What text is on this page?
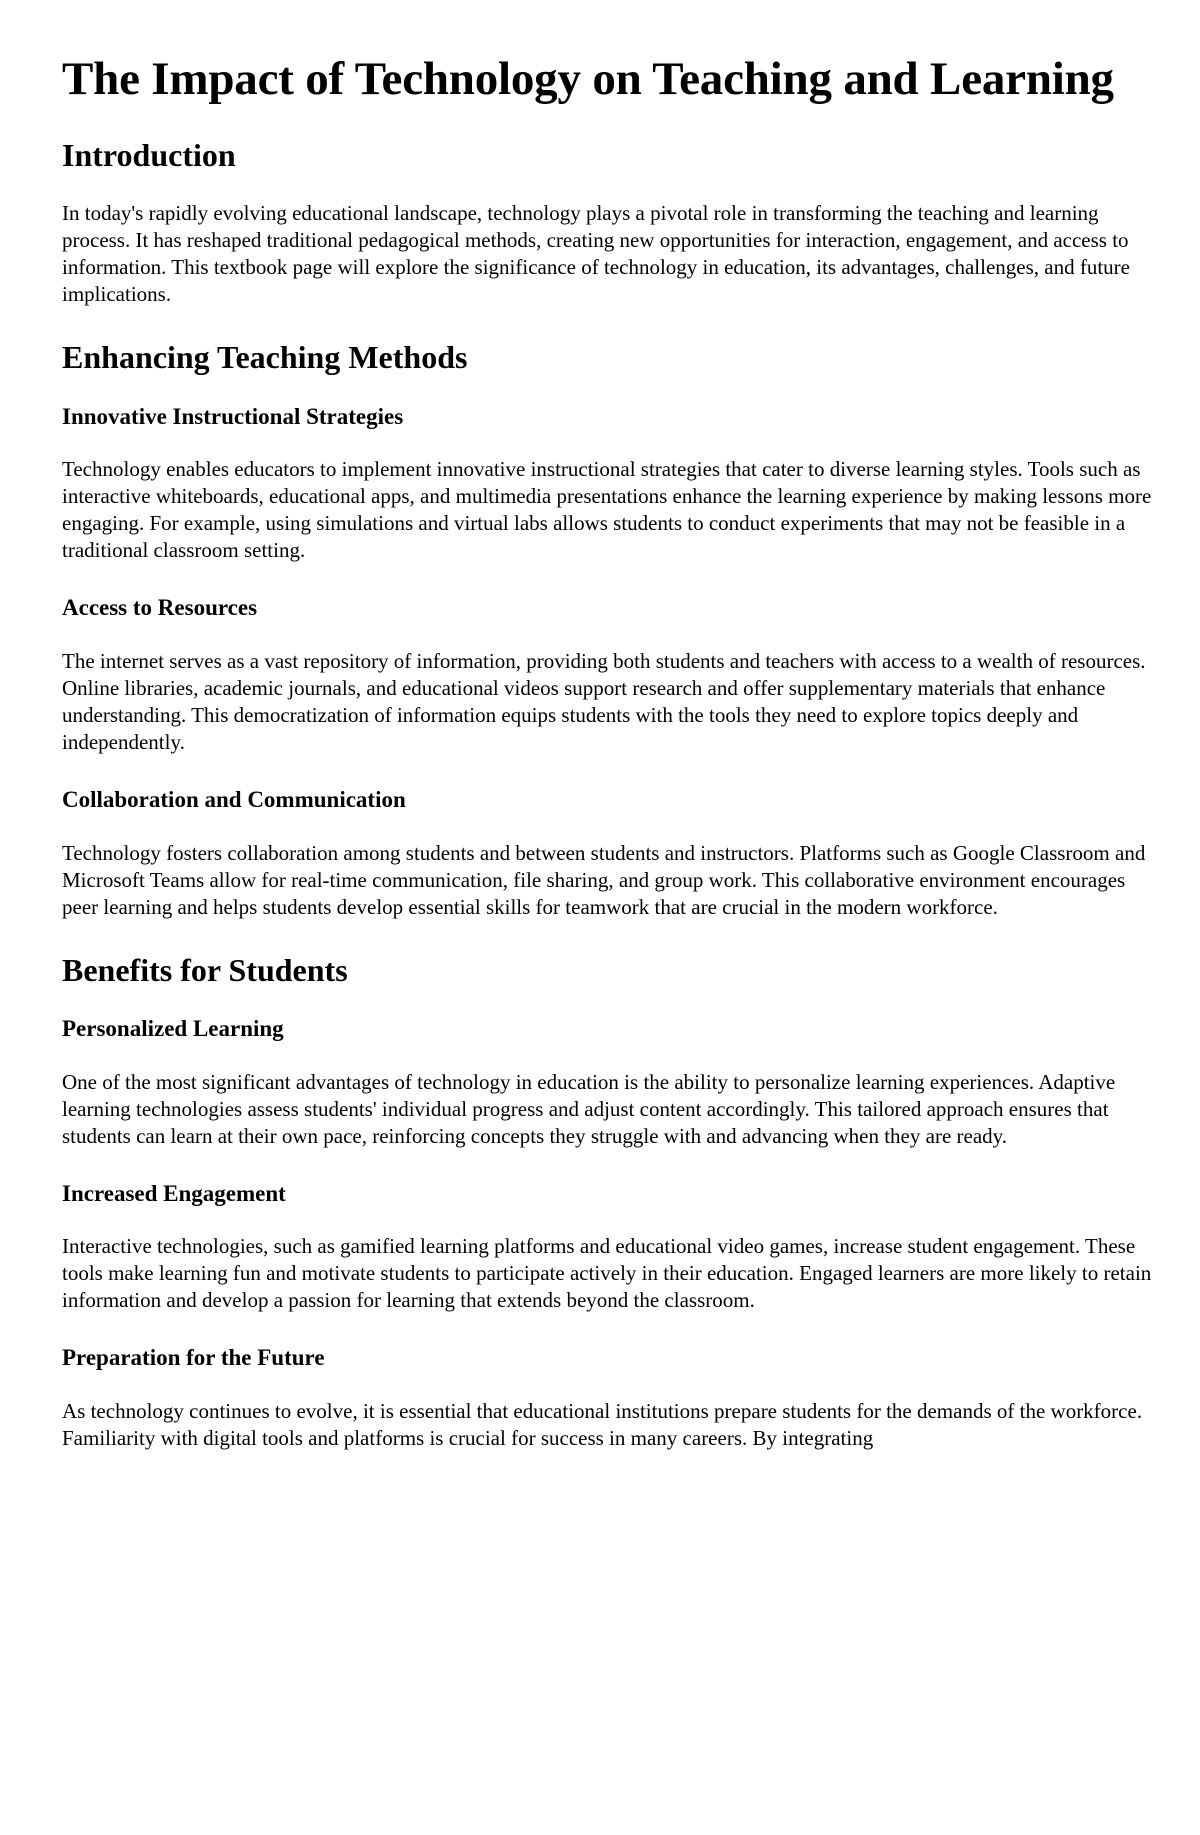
The Impact of Technology on Teaching and Learning
Introduction

In today's rapidly evolving educational landscape, technology plays a pivotal role in transforming the teaching and learning process. It has reshaped traditional pedagogical methods, creating new opportunities for interaction, engagement, and access to information. This textbook page will explore the significance of technology in education, its advantages, challenges, and future implications.

Enhancing Teaching Methods
Innovative Instructional Strategies

Technology enables educators to implement innovative instructional strategies that cater to diverse learning styles. Tools such as interactive whiteboards, educational apps, and multimedia presentations enhance the learning experience by making lessons more engaging. For example, using simulations and virtual labs allows students to conduct experiments that may not be feasible in a traditional classroom setting.

Access to Resources

The internet serves as a vast repository of information, providing both students and teachers with access to a wealth of resources. Online libraries, academic journals, and educational videos support research and offer supplementary materials that enhance understanding. This democratization of information equips students with the tools they need to explore topics deeply and independently.

Collaboration and Communication

Technology fosters collaboration among students and between students and instructors. Platforms such as Google Classroom and Microsoft Teams allow for real-time communication, file sharing, and group work. This collaborative environment encourages peer learning and helps students develop essential skills for teamwork that are crucial in the modern workforce.

Benefits for Students
Personalized Learning

One of the most significant advantages of technology in education is the ability to personalize learning experiences. Adaptive learning technologies assess students' individual progress and adjust content accordingly. This tailored approach ensures that students can learn at their own pace, reinforcing concepts they struggle with and advancing when they are ready.

Increased Engagement

Interactive technologies, such as gamified learning platforms and educational video games, increase student engagement. These tools make learning fun and motivate students to participate actively in their education. Engaged learners are more likely to retain information and develop a passion for learning that extends beyond the classroom.

Preparation for the Future

As technology continues to evolve, it is essential that educational institutions prepare students for the demands of the workforce. Familiarity with digital tools and platforms is crucial for success in many careers. By integrating
